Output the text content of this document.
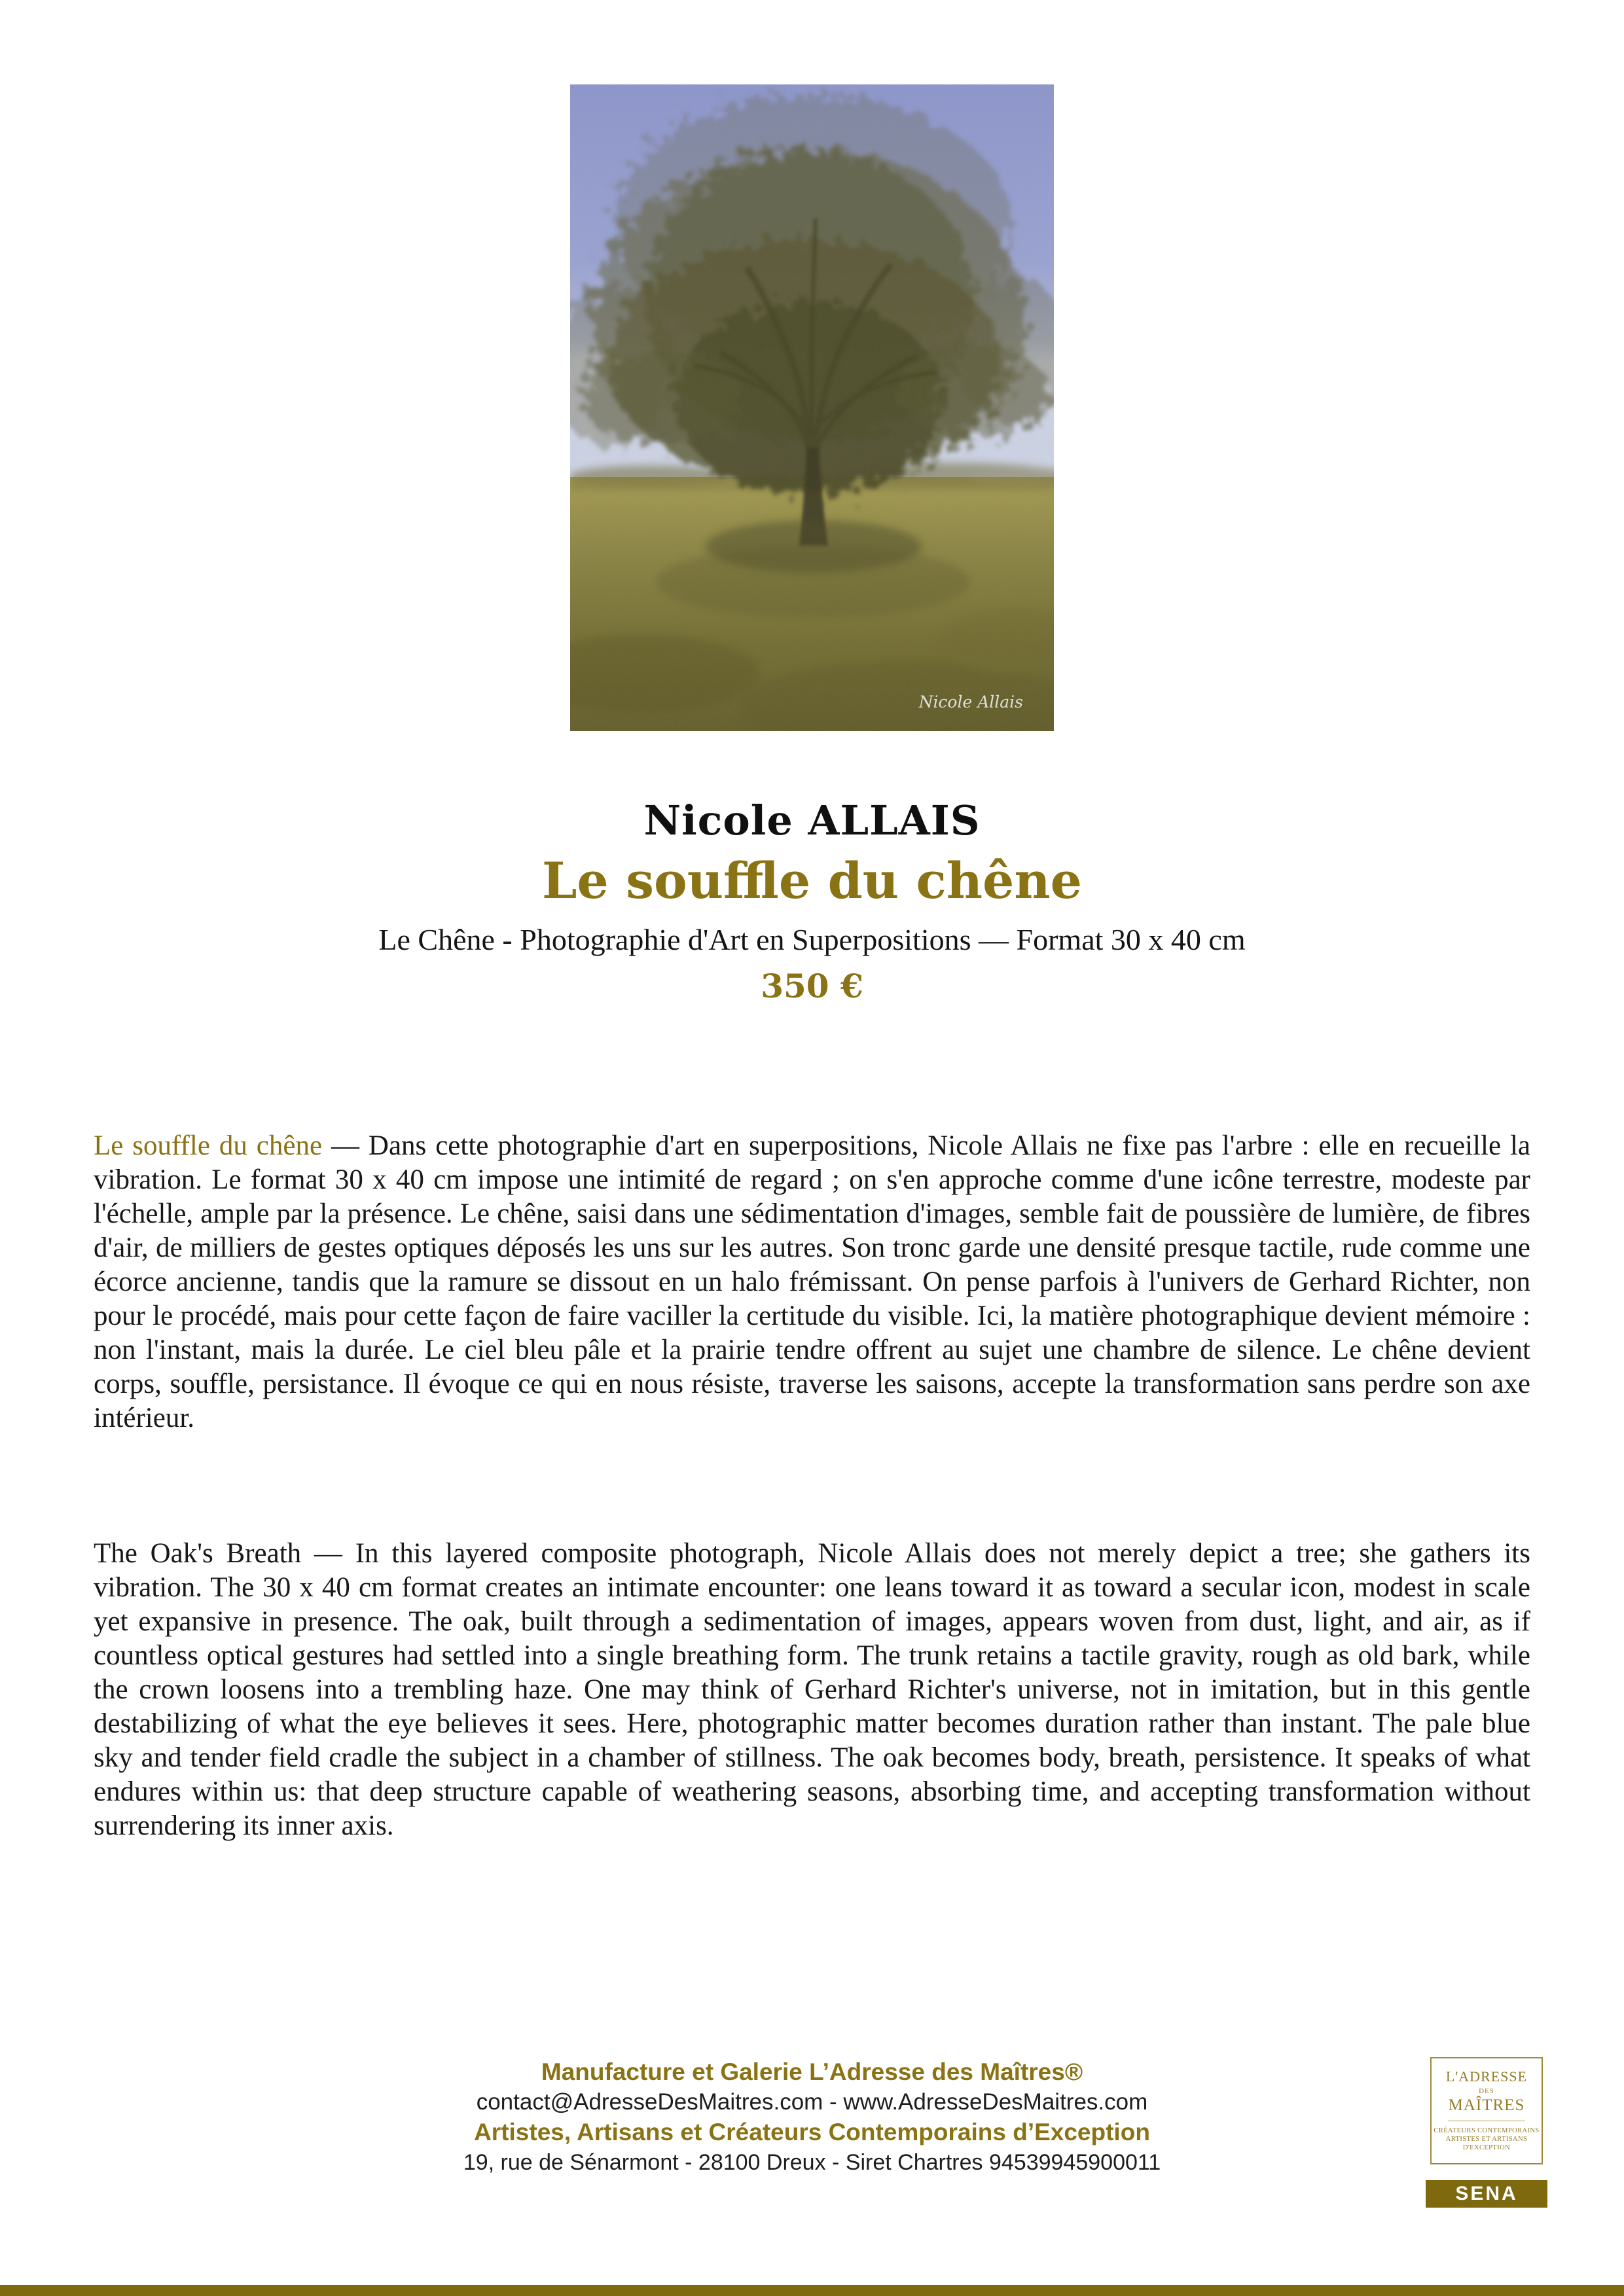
Nicole Allais
Nicole ALLAIS
Le souffle du chêne
Le Chêne - Photographie d'Art en Superpositions — Format 30 x 40 cm
350 €
Le souffle du chêne — Dans cette photographie d'art en superpositions, Nicole Allais ne fixe pas l'arbre : elle en recueille la vibration. Le format 30 x 40 cm impose une intimité de regard ; on s'en approche comme d'une icône terrestre, modeste par l'échelle, ample par la présence. Le chêne, saisi dans une sédimentation d'images, semble fait de poussière de lumière, de fibres d'air, de milliers de gestes optiques déposés les uns sur les autres. Son tronc garde une densité presque tactile, rude comme une écorce ancienne, tandis que la ramure se dissout en un halo frémissant. On pense parfois à l'univers de Gerhard Richter, non pour le procédé, mais pour cette façon de faire vaciller la certitude du visible. Ici, la matière photographique devient mémoire : non l'instant, mais la durée. Le ciel bleu pâle et la prairie tendre offrent au sujet une chambre de silence. Le chêne devient corps, souffle, persistance. Il évoque ce qui en nous résiste, traverse les saisons, accepte la transformation sans perdre son axe intérieur.
The Oak's Breath — In this layered composite photograph, Nicole Allais does not merely depict a tree; she gathers its vibration. The 30 x 40 cm format creates an intimate encounter: one leans toward it as toward a secular icon, modest in scale yet expansive in presence. The oak, built through a sedimentation of images, appears woven from dust, light, and air, as if countless optical gestures had settled into a single breathing form. The trunk retains a tactile gravity, rough as old bark, while the crown loosens into a trembling haze. One may think of Gerhard Richter's universe, not in imitation, but in this gentle destabilizing of what the eye believes it sees. Here, photographic matter becomes duration rather than instant. The pale blue sky and tender field cradle the subject in a chamber of stillness. The oak becomes body, breath, persistence. It speaks of what endures within us: that deep structure capable of weathering seasons, absorbing time, and accepting transformation without surrendering its inner axis.
Manufacture et Galerie L’Adresse des Maîtres®
contact@AdresseDesMaitres.com - www.AdresseDesMaitres.com
Artistes, Artisans et Créateurs Contemporains d’Exception
19, rue de Sénarmont - 28100 Dreux - Siret Chartres 94539945900011
L'ADRESSE
DES
MAÎTRES
CRÉATEURS CONTEMPORAINS
ARTISTES ET ARTISANS
D'EXCEPTION
SENA
